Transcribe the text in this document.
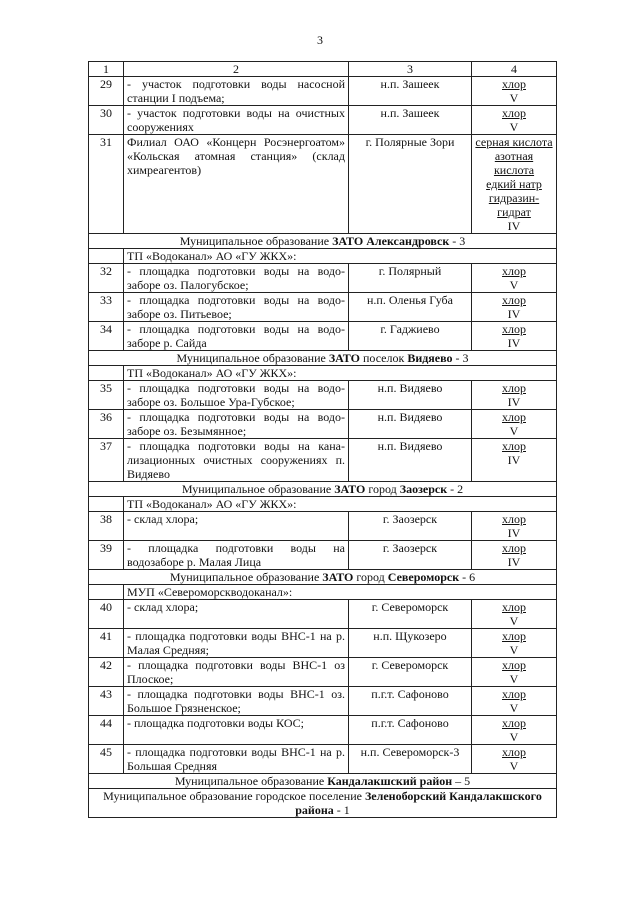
3
1	2	3	4
29	- участок подготовки воды насосной станции I подъема;	н.п. Зашеек	хлор
V

30	- участок подготовки воды на очистных сооружениях	н.п. Зашеек	хлор
V

31	Филиал ОАО «Концерн Росэнергоатом» «Кольская атомная станция» (склад химреагентов)	г. Полярные Зори	серная кислота
азотная кислота
едкий натр
гидразин-гидрат
IV

Муниципальное образование ЗАТО Александровск - 3			
	ТП «Водоканал» АО «ГУ ЖКХ»:		
32	- площадка подготовки воды на водо-заборе оз. Палогубское;	г. Полярный	хлор
V

33	- площадка подготовки воды на водо-заборе оз. Питьевое;	н.п. Оленья Губа	хлор
IV

34	- площадка подготовки воды на водо-заборе р. Сайда	г. Гаджиево	хлор
IV

Муниципальное образование ЗАТО поселок Видяево - 3			
	ТП «Водоканал» АО «ГУ ЖКХ»:		
35	- площадка подготовки воды на водо-заборе оз. Большое Ура-Губское;	н.п. Видяево	хлор
IV

36	- площадка подготовки воды на водо-заборе оз. Безымянное;	н.п. Видяево	хлор
V

37	- площадка подготовки воды на кана-лизационных очистных сооружениях п. Видяево	н.п. Видяево	хлор
IV

Муниципальное образование ЗАТО город Заозерск - 2			
	ТП «Водоканал» АО «ГУ ЖКХ»:		
38	- склад хлора;	г. Заозерск	хлор
IV

39	- площадка подготовки воды на водозаборе р. Малая Лица	г. Заозерск	хлор
IV

Муниципальное образование ЗАТО город Североморск - 6			
	МУП «Североморскводоканал»:		
40	- склад хлора;	г. Североморск	хлор
V

41	- площадка подготовки воды ВНС-1 на р. Малая Средняя;	н.п. Щукозеро	хлор
V

42	- площадка подготовки воды ВНС-1 оз Плоское;	г. Североморск	хлор
V

43	- площадка подготовки воды ВНС-1 оз. Большое Грязненское;	п.г.т. Сафоново	хлор
V

44	- площадка подготовки воды КОС;	п.г.т. Сафоново	хлор
V

45	- площадка подготовки воды ВНС-1 на р. Большая Средняя	н.п. Североморск-3	хлор
V

Муниципальное образование Кандалакшский район – 5			
Муниципальное образование городское поселение Зеленоборский Кандалакшского района - 1			
